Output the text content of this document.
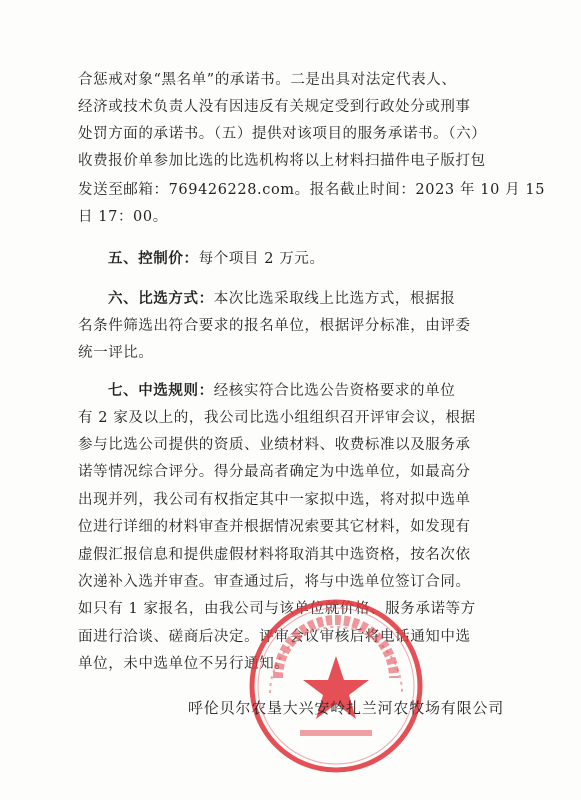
合惩戒对象“黑名单”的承诺书。二是出具对法定代表人、
经济或技术负责人没有因违反有关规定受到行政处分或刑事
处罚方面的承诺书。（五）提供对该项目的服务承诺书。（六）
收费报价单参加比选的比选机构将以上材料扫描件电子版打包
发送至邮箱：769426228.com。报名截止时间：2023 年 10 月 15
日 17：00。
五、控制价：每个项目 2 万元。
六、比选方式：本次比选采取线上比选方式，根据报
名条件筛选出符合要求的报名单位，根据评分标准，由评委
统一评比。
七、中选规则：经核实符合比选公告资格要求的单位
有 2 家及以上的，我公司比选小组组织召开评审会议，根据
参与比选公司提供的资质、业绩材料、收费标准以及服务承
诺等情况综合评分。得分最高者确定为中选单位，如最高分
出现并列，我公司有权指定其中一家拟中选，将对拟中选单
位进行详细的材料审查并根据情况索要其它材料，如发现有
虚假汇报信息和提供虚假材料将取消其中选资格，按名次依
次递补入选并审查。审查通过后，将与中选单位签订合同。
如只有 1 家报名，由我公司与该单位就价格、服务承诺等方
面进行洽谈、磋商后决定。评审会议审核后将电话通知中选
单位，未中选单位不另行通知。
呼伦贝尔农垦大兴安岭扎兰河农牧场有限公司
